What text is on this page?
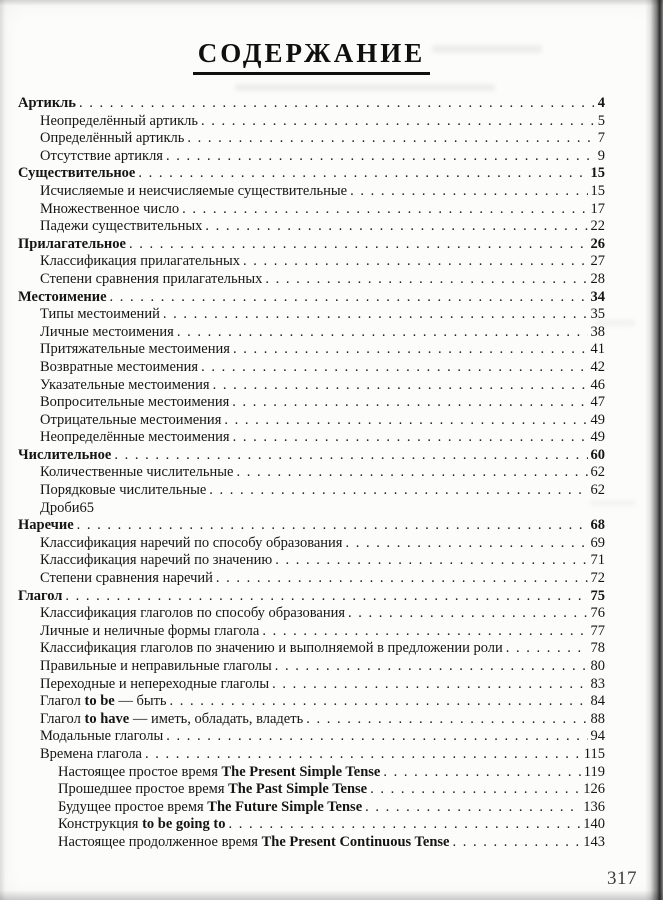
СОДЕРЖАНИЕ
Артикль . . .	4
Неопределённый артикль . . .	5
Определённый артикль . . .	7
Отсутствие артикля . . .	9
Существительное . . .	15
Исчисляемые и неисчисляемые существительные . . .	15
Множественное число . . .	17
Падежи существительных . . .	22
Прилагательное . . .	26
Классификация прилагательных . . .	27
Степени сравнения прилагательных . . .	28
Местоимение . . .	34
Типы местоимений . . .	35
Личные местоимения . . .	38
Притяжательные местоимения . . .	41
Возвратные местоимения . . .	42
Указательные местоимения . . .	46
Вопросительные местоимения . . .	47
Отрицательные местоимения . . .	49
Неопределённые местоимения . . .	49
Числительное . . .	60
Количественные числительные . . .	62
Порядковые числительные . . .	62
Дроби 65
Наречие . . .	68
Классификация наречий по способу образования . . .	69
Классификация наречий по значению . . .	71
Степени сравнения наречий . . .	72
Глагол . . .	75
Классификация глаголов по способу образования . . .	76
Личные и неличные формы глагола . . .	77
Классификация глаголов по значению и выполняемой в предложении роли . . .	78
Правильные и неправильные глаголы . . .	80
Переходные и непереходные глаголы . . .	83
Глагол to be — быть . . .	84
Глагол to have — иметь, обладать, владеть . . .	88
Модальные глаголы . . .	94
Времена глагола . . .	115
Настоящее простое время The Present Simple Tense . . .	119
Прошедшее простое время The Past Simple Tense . . .	126
Будущее простое время The Future Simple Tense . . .	136
Конструкция to be going to . . .	140
Настоящее продолженное время The Present Continuous Tense . . .	143
317
